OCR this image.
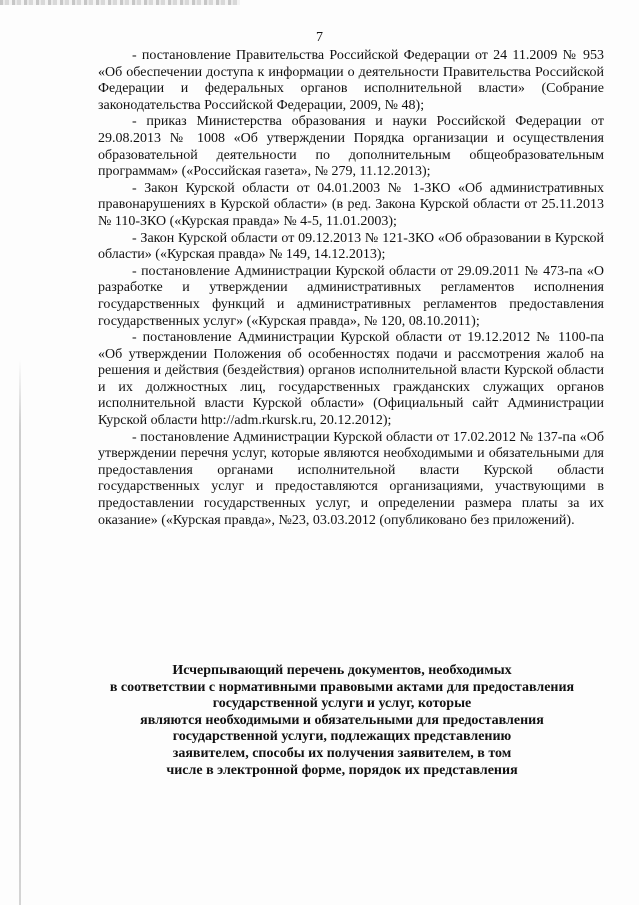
7

- постановление Правительства Российской Федерации от 24 11.2009 № 953 «Об обеспечении доступа к информации о деятельности Правительства Российской Федерации и федеральных органов исполнительной власти» (Собрание законодательства Российской Федерации, 2009, № 48);

- приказ Министерства образования и науки Российской Федерации от 29.08.2013 № 1008 «Об утверждении Порядка организации и осуществления образовательной деятельности по дополнительным общеобразовательным программам» («Российская газета», № 279, 11.12.2013);

- Закон Курской области от 04.01.2003 № 1-ЗКО «Об административных правонарушениях в Курской области» (в ред. Закона Курской области от 25.11.2013 № 110-ЗКО («Курская правда» № 4-5, 11.01.2003);

- Закон Курской области от 09.12.2013 № 121-ЗКО «Об образовании в Курской области» («Курская правда» № 149, 14.12.2013);

- постановление Администрации Курской области от 29.09.2011 № 473-па «О разработке и утверждении административных регламентов исполнения государственных функций и административных регламентов предоставления государственных услуг» («Курская правда», № 120, 08.10.2011);

- постановление Администрации Курской области от 19.12.2012 № 1100-па «Об утверждении Положения об особенностях подачи и рассмотрения жалоб на решения и действия (бездействия) органов исполнительной власти Курской области и их должностных лиц, государственных гражданских служащих органов исполнительной власти Курской области» (Официальный сайт Администрации Курской области http://adm.rkursk.ru, 20.12.2012);

- постановление Администрации Курской области от 17.02.2012 № 137-па «Об утверждении перечня услуг, которые являются необходимыми и обязательными для предоставления органами исполнительной власти Курской области государственных услуг и предоставляются организациями, участвующими в предоставлении государственных услуг, и определении размера платы за их оказание» («Курская правда», №23, 03.03.2012 (опубликовано без приложений).

Исчерпывающий перечень документов, необходимых
в соответствии с нормативными правовыми актами для предоставления
государственной услуги и услуг, которые
являются необходимыми и обязательными для предоставления
государственной услуги, подлежащих представлению
заявителем, способы их получения заявителем, в том
числе в электронной форме, порядок их представления
